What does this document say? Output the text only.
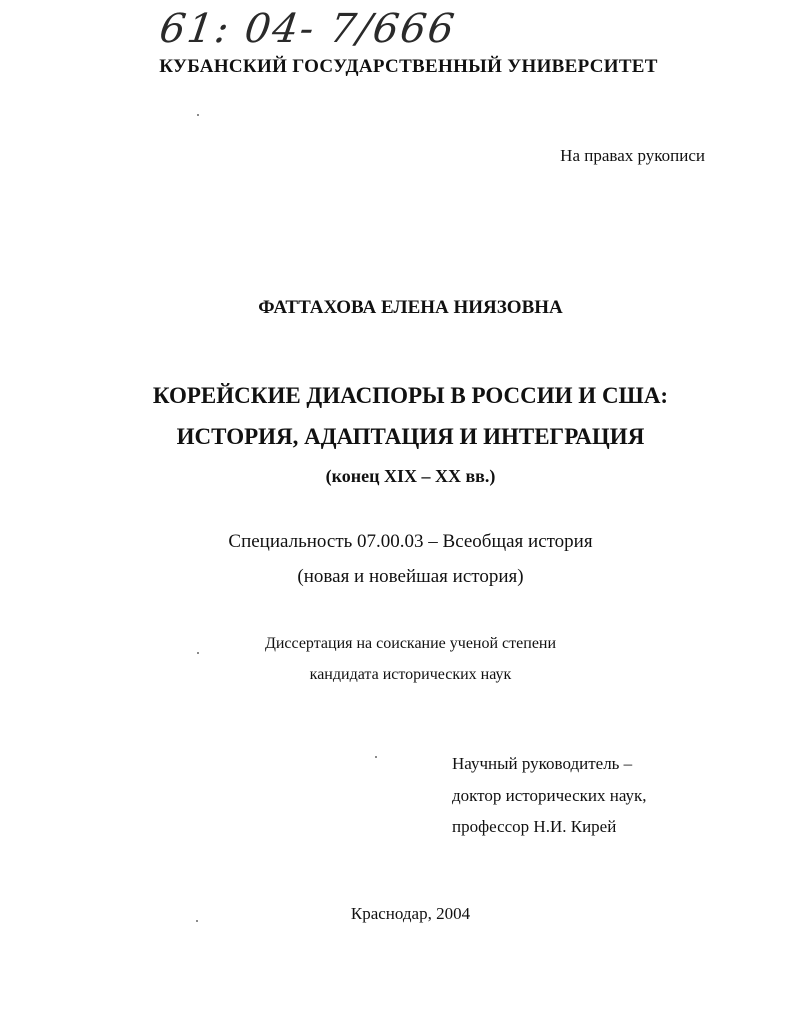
61: 04- 7/666
КУБАНСКИЙ ГОСУДАРСТВЕННЫЙ УНИВЕРСИТЕТ
На правах рукописи
ФАТТАХОВА ЕЛЕНА НИЯЗОВНА
КОРЕЙСКИЕ ДИАСПОРЫ В РОССИИ И США:
ИСТОРИЯ, АДАПТАЦИЯ И ИНТЕГРАЦИЯ
(конец XIX – XX вв.)
Специальность 07.00.03 – Всеобщая история
(новая и новейшая история)
Диссертация на соискание ученой степени
кандидата исторических наук
Научный руководитель –
доктор исторических наук,
профессор Н.И. Кирей
Краснодар, 2004
